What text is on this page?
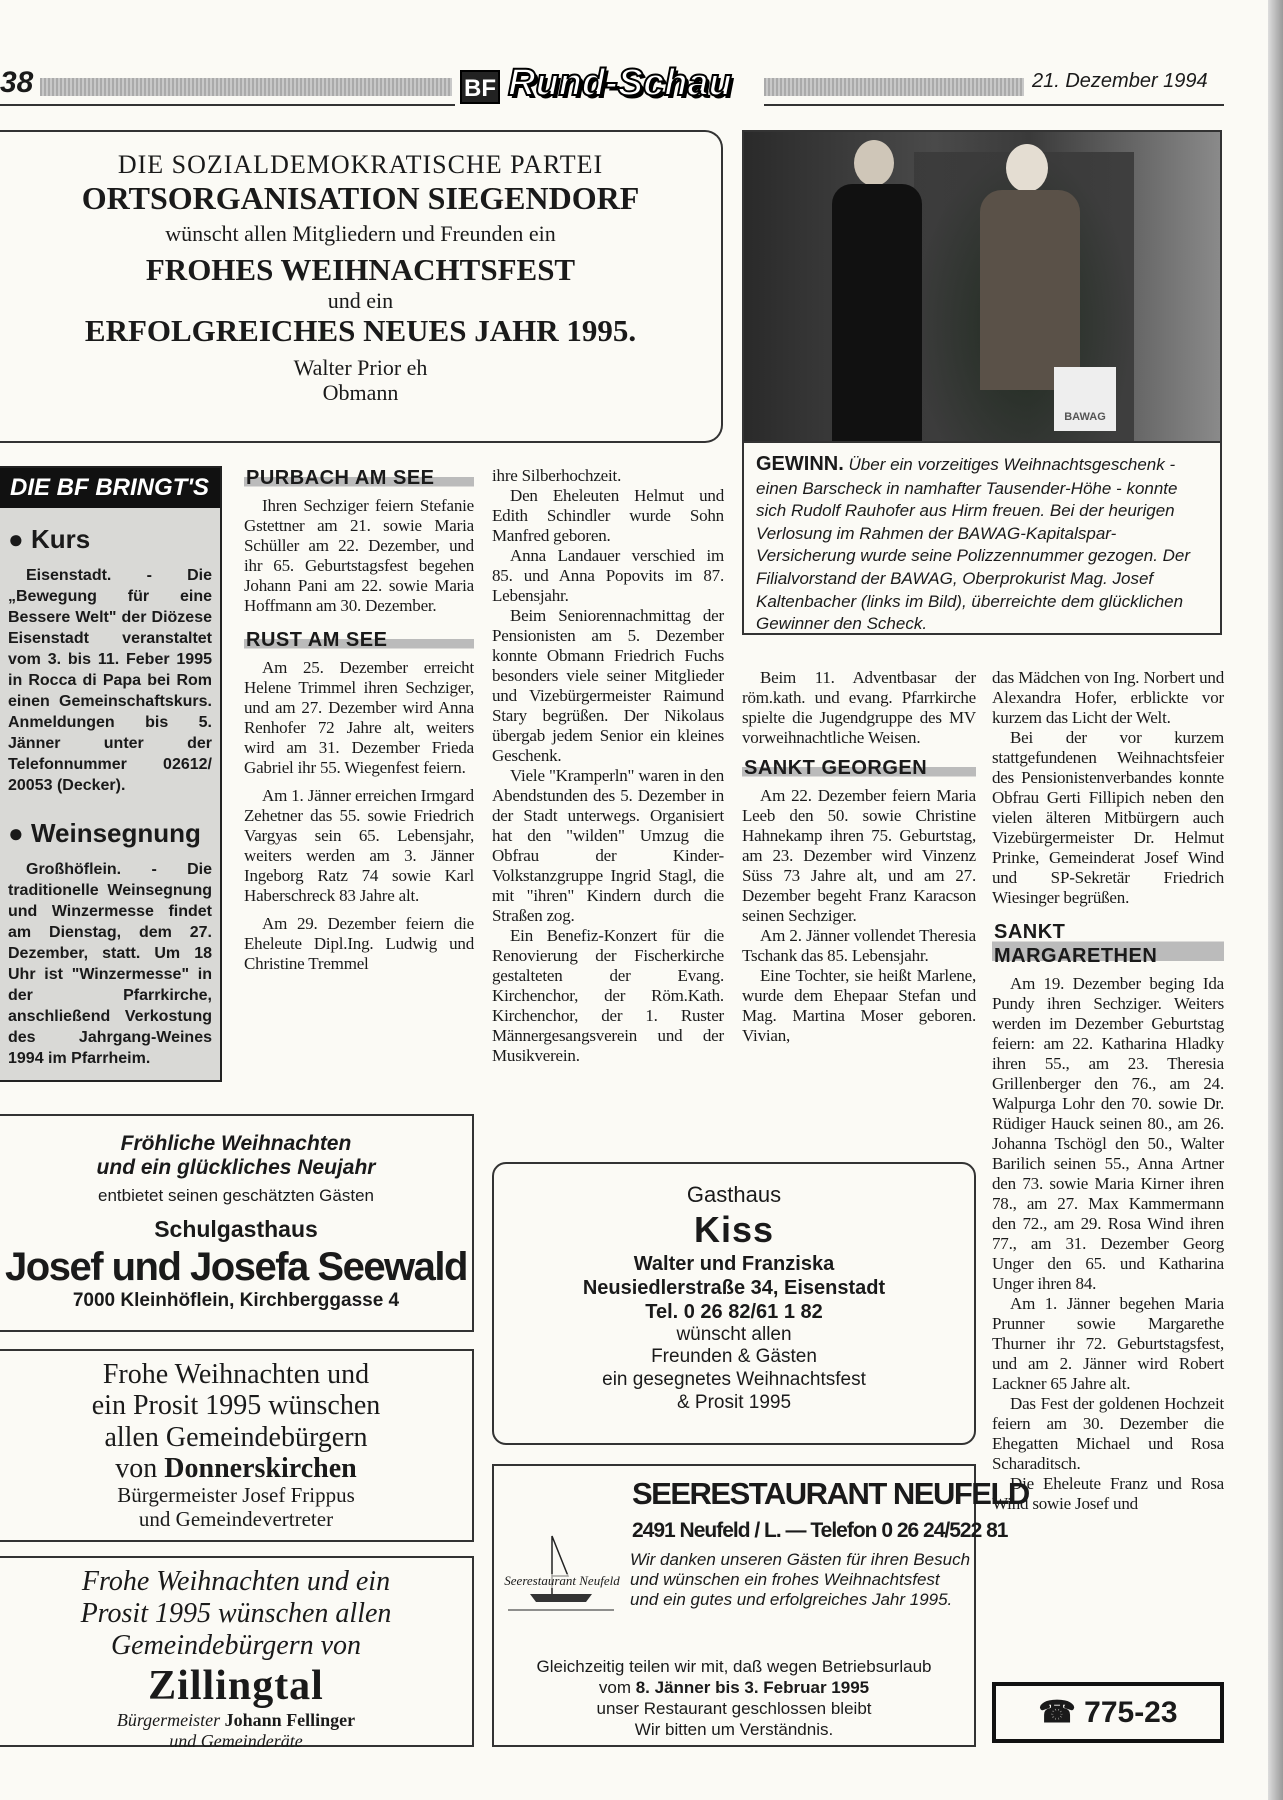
38	BF Rund-Schau	21. Dezember 1994
DIE SOZIALDEMOKRATISCHE PARTEI
ORTSORGANISATION SIEGENDORF
wünscht allen Mitgliedern und Freunden ein
FROHES WEIHNACHTSFEST
und ein
ERFOLGREICHES NEUES JAHR 1995.
Walter Prior eh
Obmann
BAWAG
GEWINN. Über ein vorzeitiges Weihnachtsgeschenk - einen Barscheck in namhafter Tausender-Höhe - konnte sich Rudolf Rauhofer aus Hirm freuen. Bei der heurigen Verlosung im Rahmen der BAWAG-Kapitalspar-Versicherung wurde seine Polizzennummer gezogen. Der Filialvorstand der BAWAG, Oberprokurist Mag. Josef Kaltenbacher (links im Bild), überreichte dem glücklichen Gewinner den Scheck.
DIE BF BRINGT'S
● Kurs

Eisenstadt. - Die „Bewegung für eine Bessere Welt" der Diözese Eisenstadt veranstaltet vom 3. bis 11. Feber 1995 in Rocca di Papa bei Rom einen Gemeinschaftskurs. Anmeldungen bis 5. Jänner unter der Telefonnummer 02612/ 20053 (Decker).

● Weinsegnung

Großhöflein. - Die traditionelle Weinsegnung und Winzermesse findet am Dienstag, dem 27. Dezember, statt. Um 18 Uhr ist "Winzermesse" in der Pfarrkirche, anschließend Verkostung des Jahrgang-Weines 1994 im Pfarrheim.

PURBACH AM SEE

Ihren Sechziger feiern Stefanie Gstettner am 21. sowie Maria Schüller am 22. Dezember, und ihr 65. Geburtstagsfest begehen Johann Pani am 22. sowie Maria Hoffmann am 30. Dezember.

RUST AM SEE

Am 25. Dezember erreicht Helene Trimmel ihren Sechziger, und am 27. Dezember wird Anna Renhofer 72 Jahre alt, weiters wird am 31. Dezember Frieda Gabriel ihr 55. Wiegenfest feiern.

Am 1. Jänner erreichen Irmgard Zehetner das 55. sowie Friedrich Vargyas sein 65. Lebensjahr, weiters werden am 3. Jänner Ingeborg Ratz 74 sowie Karl Haberschreck 83 Jahre alt.

Am 29. Dezember feiern die Eheleute Dipl.Ing. Ludwig und Christine Tremmel

ihre Silberhochzeit.

Den Eheleuten Helmut und Edith Schindler wurde Sohn Manfred geboren.

Anna Landauer verschied im 85. und Anna Popovits im 87. Lebensjahr.

Beim Seniorennachmittag der Pensionisten am 5. Dezember konnte Obmann Friedrich Fuchs besonders viele seiner Mitglieder und Vizebürgermeister Raimund Stary begrüßen. Der Nikolaus übergab jedem Senior ein kleines Geschenk.

Viele "Kramperln" waren in den Abendstunden des 5. Dezember in der Stadt unterwegs. Organisiert hat den "wilden" Umzug die Obfrau der Kinder-Volkstanzgruppe Ingrid Stagl, die mit "ihren" Kindern durch die Straßen zog.

Ein Benefiz-Konzert für die Renovierung der Fischerkirche gestalteten der Evang. Kirchenchor, der Röm.Kath. Kirchenchor, der 1. Ruster Männergesangsverein und der Musikverein.

Beim 11. Adventbasar der röm.kath. und evang. Pfarrkirche spielte die Jugendgruppe des MV vorweihnachtliche Weisen.

SANKT GEORGEN

Am 22. Dezember feiern Maria Leeb den 50. sowie Christine Hahnekamp ihren 75. Geburtstag, am 23. Dezember wird Vinzenz Süss 73 Jahre alt, und am 27. Dezember begeht Franz Karacson seinen Sechziger.

Am 2. Jänner vollendet Theresia Tschank das 85. Lebensjahr.

Eine Tochter, sie heißt Marlene, wurde dem Ehepaar Stefan und Mag. Martina Moser geboren. Vivian,

das Mädchen von Ing. Norbert und Alexandra Hofer, erblickte vor kurzem das Licht der Welt.

Bei der vor kurzem stattgefundenen Weihnachtsfeier des Pensionistenverbandes konnte Obfrau Gerti Fillipich neben den vielen älteren Mitbürgern auch Vizebürgermeister Dr. Helmut Prinke, Gemeinderat Josef Wind und SP-Sekretär Friedrich Wiesinger begrüßen.

SANKT MARGARETHEN

Am 19. Dezember beging Ida Pundy ihren Sechziger. Weiters werden im Dezember Geburtstag feiern: am 22. Katharina Hladky ihren 55., am 23. Theresia Grillenberger den 76., am 24. Walpurga Lohr den 70. sowie Dr. Rüdiger Hauck seinen 80., am 26. Johanna Tschögl den 50., Walter Barilich seinen 55., Anna Artner den 73. sowie Maria Kirner ihren 78., am 27. Max Kammermann den 72., am 29. Rosa Wind ihren 77., am 31. Dezember Georg Unger den 65. und Katharina Unger ihren 84.

Am 1. Jänner begehen Maria Prunner sowie Margarethe Thurner ihr 72. Geburtstagsfest, und am 2. Jänner wird Robert Lackner 65 Jahre alt.

Das Fest der goldenen Hochzeit feiern am 30. Dezember die Ehegatten Michael und Rosa Scharaditsch.

Die Eheleute Franz und Rosa Wind sowie Josef und

☎ 775-23
Fröhliche Weihnachten
und ein glückliches Neujahr
entbietet seinen geschätzten Gästen
Schulgasthaus
Josef und Josefa Seewald
7000 Kleinhöflein, Kirchberggasse 4
Frohe Weihnachten und
ein Prosit 1995 wünschen
allen Gemeindebürgern
von Donnerskirchen
Bürgermeister Josef Frippus
und Gemeindevertreter
Frohe Weihnachten und ein
Prosit 1995 wünschen allen
Gemeindebürgern von
Zillingtal
Bürgermeister Johann Fellinger
und Gemeinderäte
Gasthaus
Kiss
Walter und Franziska
Neusiedlerstraße 34, Eisenstadt
Tel. 0 26 82/61 1 82
wünscht allen
Freunden & Gästen
ein gesegnetes Weihnachtsfest
& Prosit 1995
SEERESTAURANT NEUFELD
2491 Neufeld / L. — Telefon 0 26 24/522 81
Seerestaurant Neufeld
Wir danken unseren Gästen für ihren Besuch und wünschen ein frohes Weihnachtsfest und ein gutes und erfolgreiches Jahr 1995.
Gleichzeitig teilen wir mit, daß wegen Betriebsurlaub
vom 8. Jänner bis 3. Februar 1995
unser Restaurant geschlossen bleibt
Wir bitten um Verständnis.
